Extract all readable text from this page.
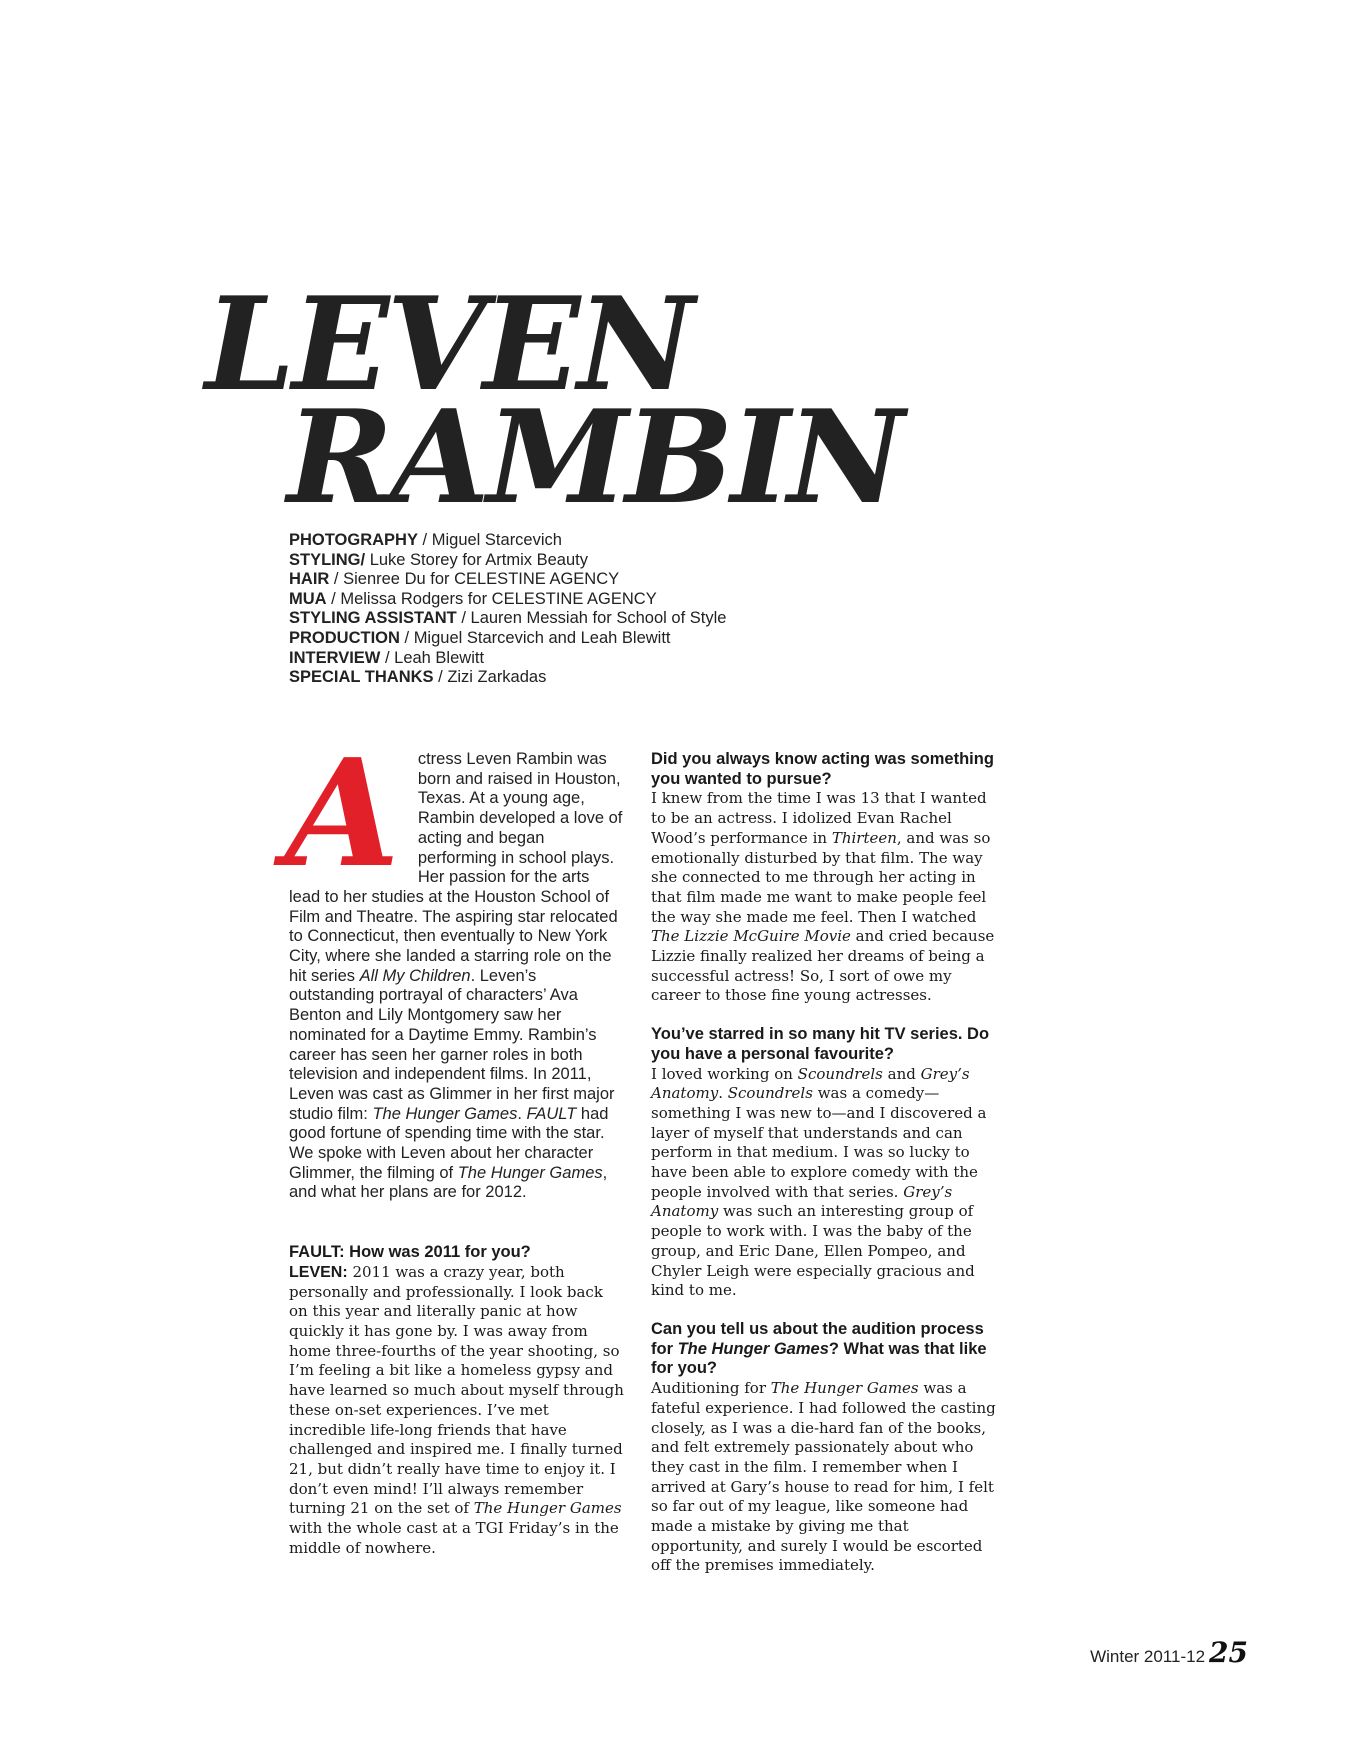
LEVEN
RAMBIN
PHOTOGRAPHY / Miguel Starcevich
STYLING/ Luke Storey for Artmix Beauty
HAIR / Sienree Du for CELESTINE AGENCY
MUA / Melissa Rodgers for CELESTINE AGENCY
STYLING ASSISTANT / Lauren Messiah for School of Style
PRODUCTION / Miguel Starcevich and Leah Blewitt
INTERVIEW / Leah Blewitt
SPECIAL THANKS / Zizi Zarkadas
A ctress Leven Rambin was born and raised in Houston, Texas. At a young age, Rambin developed a love of acting and began performing in school plays. Her passion for the arts lead to her studies at the Houston School of Film and Theatre. The aspiring star relocated to Connecticut, then eventually to New York City, where she landed a starring role on the hit series All My Children. Leven’s outstanding portrayal of characters’ Ava Benton and Lily Montgomery saw her nominated for a Daytime Emmy. Rambin’s career has seen her garner roles in both television and independent films. In 2011, Leven was cast as Glimmer in her first major studio film: The Hunger Games. FAULT had good fortune of spending time with the star. We spoke with Leven about her character Glimmer, the filming of The Hunger Games, and what her plans are for 2012.
FAULT: How was 2011 for you?

LEVEN: 2011 was a crazy year, both personally and professionally. I look back on this year and literally panic at how quickly it has gone by. I was away from home three-fourths of the year shooting, so I’m feeling a bit like a homeless gypsy and have learned so much about myself through these on-set experiences. I’ve met incredible life-long friends that have challenged and inspired me. I finally turned 21, but didn’t really have time to enjoy it. I don’t even mind! I’ll always remember turning 21 on the set of The Hunger Games with the whole cast at a TGI Friday’s in the middle of nowhere.

Did you always know acting was something you wanted to pursue?

I knew from the time I was 13 that I wanted to be an actress. I idolized Evan Rachel Wood’s performance in Thirteen, and was so emotionally disturbed by that film. The way she connected to me through her acting in that film made me want to make people feel the way she made me feel. Then I watched The Lizzie McGuire Movie and cried because Lizzie finally realized her dreams of being a successful actress! So, I sort of owe my career to those fine young actresses.

You’ve starred in so many hit TV series. Do you have a personal favourite?

I loved working on Scoundrels and Grey’s Anatomy. Scoundrels was a comedy—something I was new to—and I discovered a layer of myself that understands and can perform in that medium. I was so lucky to have been able to explore comedy with the people involved with that series. Grey’s Anatomy was such an interesting group of people to work with. I was the baby of the group, and Eric Dane, Ellen Pompeo, and Chyler Leigh were especially gracious and kind to me.

Can you tell us about the audition process for The Hunger Games? What was that like for you?

Auditioning for The Hunger Games was a fateful experience. I had followed the casting closely, as I was a die-hard fan of the books, and felt extremely passionately about who they cast in the film. I remember when I arrived at Gary’s house to read for him, I felt so far out of my league, like someone had made a mistake by giving me that opportunity, and surely I would be escorted off the premises immediately.

Winter 2011-12 25
